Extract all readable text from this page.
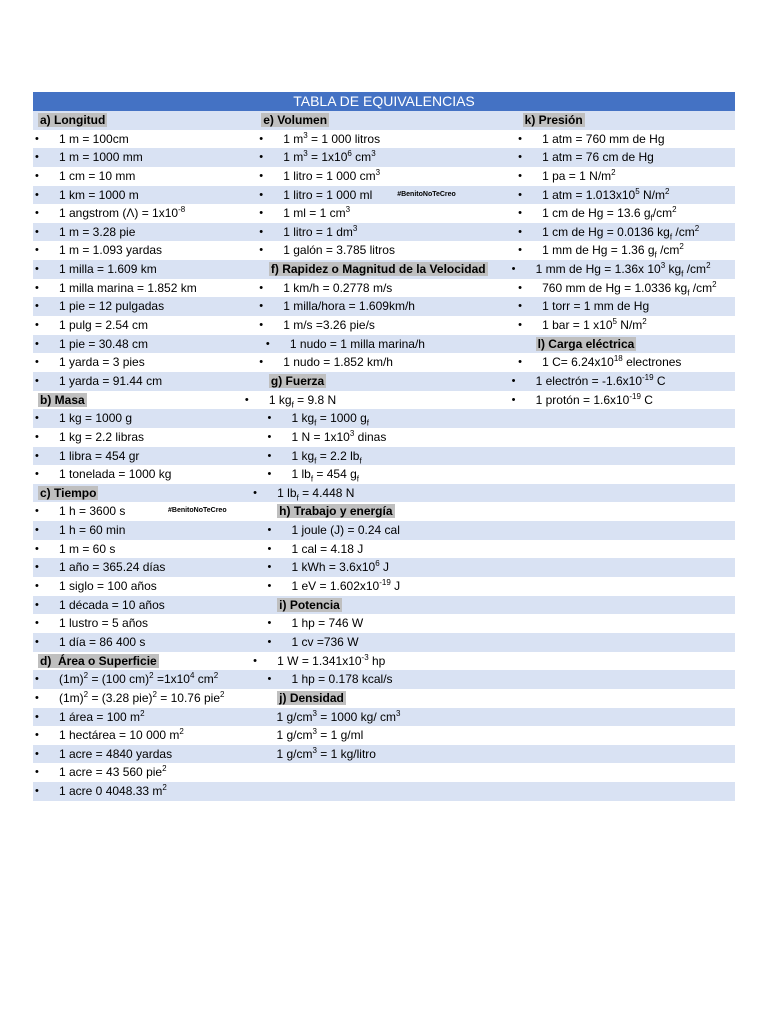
TABLA DE EQUIVALENCIAS
a) Longitud	e) Volumen	k) Presión
• 1 m = 100cm	• 1 $m^3 = 1$ 000 litros	• 1 atm = 760 mm de Hg
• 1 m = 1000 mm	• 1 $m^3 = 1x10^6$ $cm^3$	• 1 atm = 76 cm de Hg
• 1 cm = 10 mm	• 1 litro = 1 000 $cm^3$	• 1 pa = 1 $N/m^2$
• 1 km = 1000 m	• 1 litro = 1 000 ml	#BenitoNoTeCreo	• 1 atm = $1.013x10^5$ $N/m^2$
• 1 angstrom $(\Lambda) = 1x10^{-8}$	• 1 ml = 1 $cm^3$	• 1 cm de Hg = 13.6 $g_f/cm^2$
• 1 m = 3.28 pie	• 1 litro = 1 $dm^3$	• 1 cm de Hg = 0.0136 $kg_f$ $/cm^2$
• 1 m = 1.093 yardas	• 1 galón = 3.785 litros	• 1 mm de Hg = 1.36 $g_f$ $/cm^2$
• 1 milla = 1.609 km	f) Rapidez o Magnitud de la Velocidad	• 1 mm de Hg = 1.36x $10^3$ $kg_f$ $/cm^2$
• 1 milla marina = 1.852 km	• 1 km/h = 0.2778 m/s	• 760 mm de Hg = 1.0336 $kg_f$ $/cm^2$
• 1 pie = 12 pulgadas	• 1 milla/hora = 1.609km/h	• 1 torr = 1 mm de Hg
• 1 pulg = 2.54 cm	• 1 m/s =3.26 pie/s	• 1 bar = 1 $x10^5$ $N/m^2$
• 1 pie = 30.48 cm	• 1 nudo = 1 milla marina/h	l) Carga eléctrica
• 1 yarda = 3 pies	• 1 nudo = 1.852 km/h	• 1 $C= 6.24x10^{18}$ electrones
• 1 yarda = 91.44 cm	g) Fuerza	• 1 electrón = $-1.6x10^{-19}$ C
b) Masa	• 1 $kg_f = 9.8$ N	• 1 protón = $1.6x10^{-19}$ C
• 1 kg = 1000 g	• 1 $kg_f = 1000$ $g_f$
• 1 kg = 2.2 libras	• 1 $N = 1x10^3$ dinas
• 1 libra = 454 gr	• 1 $kg_f = 2.2$ $lb_f$
• 1 tonelada = 1000 kg	• 1 $lb_f = 454$ $g_f$
c) Tiempo	• 1 $lb_f = 4.448$ N
• 1 h = 3600 s	#BenitoNoTeCreo	h) Trabajo y energía
• 1 h = 60 min	• 1 joule (J) = 0.24 cal
• 1 m = 60 s	• 1 cal = 4.18 J
• 1 año = 365.24 días	• 1 kWh = $3.6x10^6$ J
• 1 siglo = 100 años	• 1 eV = $1.602x10^{-19}$ J
• 1 década = 10 años	i) Potencia
• 1 lustro = 5 años	• 1 hp = 746 W
• 1 día = 86 400 s	• 1 cv =736 W
d)  Área o Superficie	• 1 $W = 1.341x10^{-3}$ hp
• $(1m)^2 = (100$ $cm)^2 =1x10^4$ $cm^2$	• 1 hp = 0.178 kcal/s
• $(1m)^2 = (3.28$ pie)$^2$ = 10.76 pie$^2$	j) Densidad
• 1 área = 100 $m^2$	1 $g/cm^3 = 1000$ kg/ $cm^3$
• 1 hectárea = 10 000 $m^2$	1 $g/cm^3 = 1$ g/ml
• 1 acre = 4840 yardas	1 $g/cm^3 = 1$ kg/litro
• 1 acre = 43 560 pie$^2$
• 1 acre 0 4048.33 $m^2$
